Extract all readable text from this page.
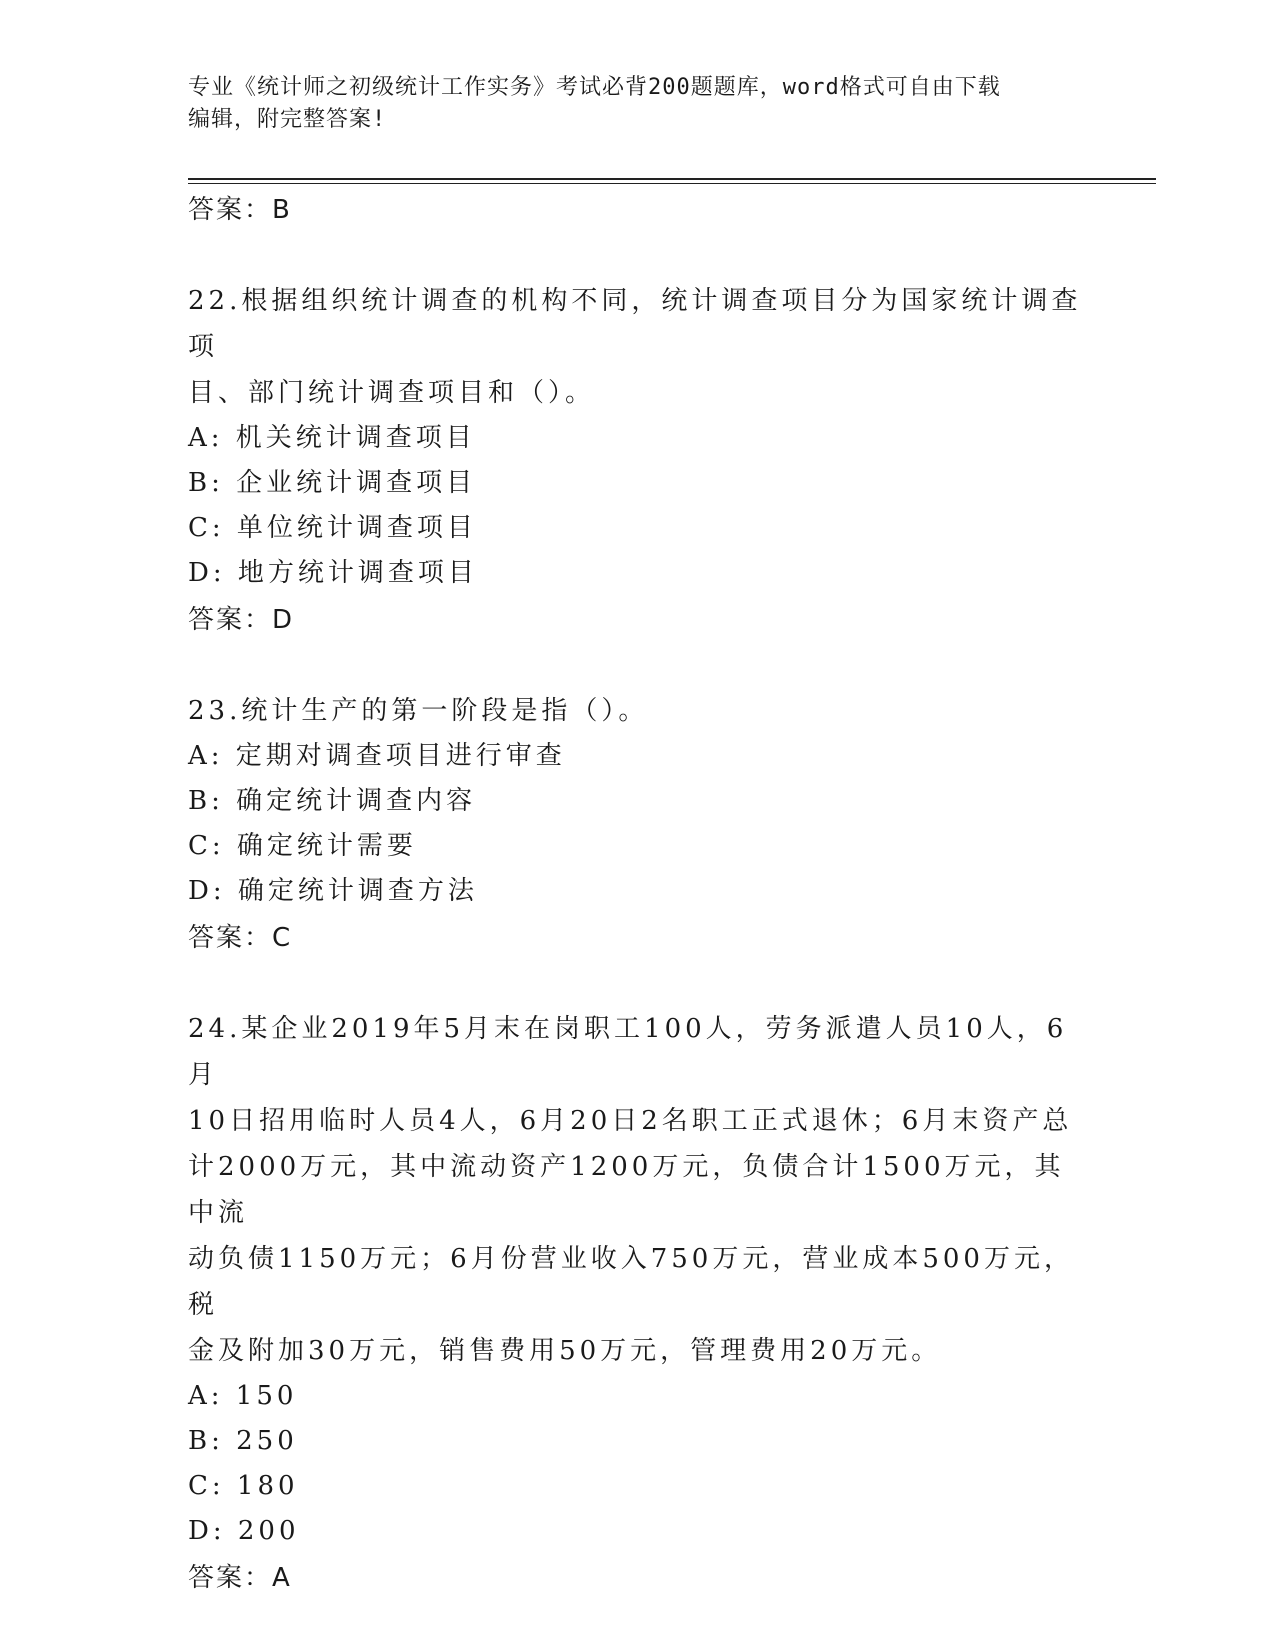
专业《统计师之初级统计工作实务》考试必背200题题库，word格式可自由下载
编辑，附完整答案!
答案：B
22.根据组织统计调查的机构不同，统计调查项目分为国家统计调查项
目、部门统计调查项目和（）。
A: 机关统计调查项目
B: 企业统计调查项目
C: 单位统计调查项目
D: 地方统计调查项目
答案：D
23.统计生产的第一阶段是指（）。
A: 定期对调查项目进行审查
B: 确定统计调查内容
C: 确定统计需要
D: 确定统计调查方法
答案：C
24.某企业2019年5月末在岗职工100人，劳务派遣人员10人，6月
10日招用临时人员4人，6月20日2名职工正式退休；6月末资产总
计2000万元，其中流动资产1200万元，负债合计1500万元，其中流
动负债1150万元；6月份营业收入750万元，营业成本500万元，税
金及附加30万元，销售费用50万元，管理费用20万元。
A: 150
B: 250
C: 180
D: 200
答案：A
